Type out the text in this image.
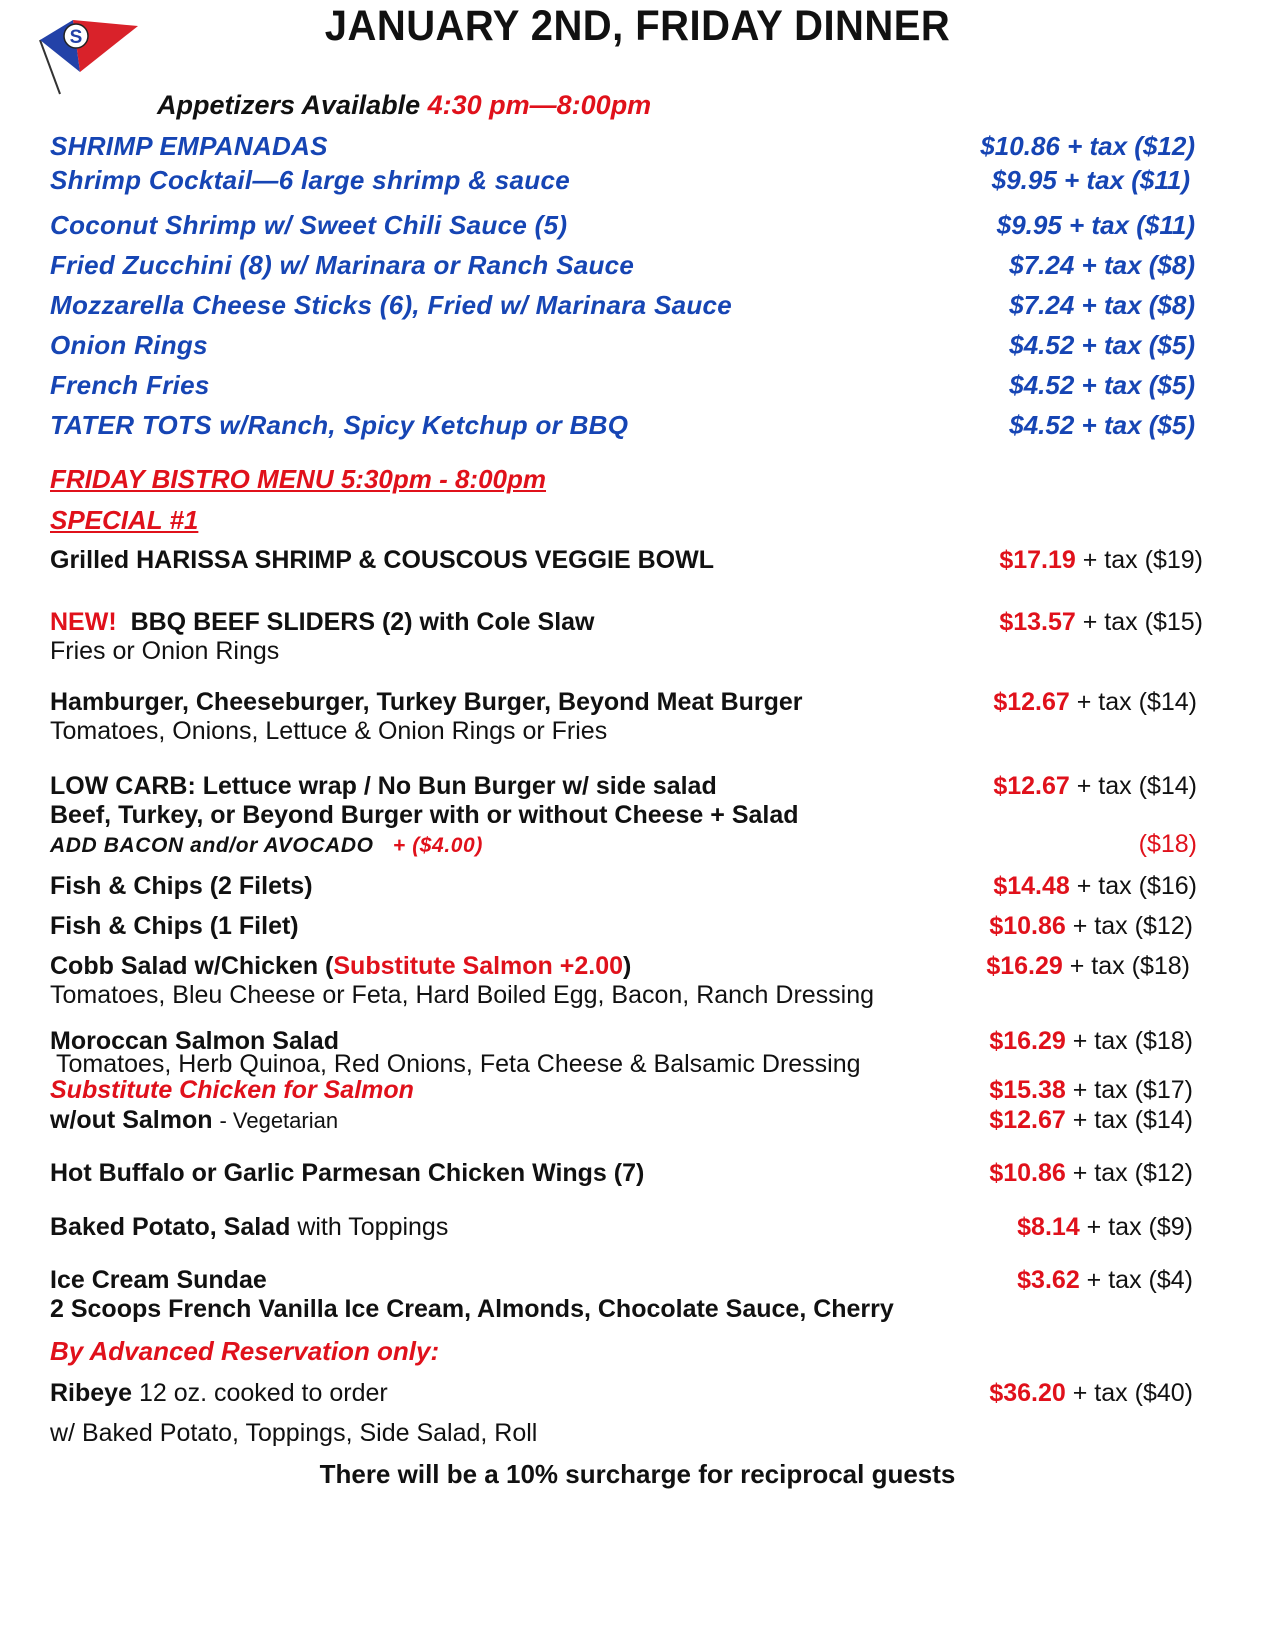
S	JANUARY 2ND, FRIDAY DINNER
Appetizers Available 4:30 pm—8:00pm
SHRIMP EMPANADAS	$10.86 + tax ($12)
Shrimp Cocktail—6 large shrimp & sauce	$9.95 + tax ($11)
Coconut Shrimp w/ Sweet Chili Sauce (5)	$9.95 + tax ($11)
Fried Zucchini (8) w/ Marinara or Ranch Sauce	$7.24 + tax ($8)
Mozzarella Cheese Sticks (6), Fried w/ Marinara Sauce	$7.24 + tax ($8)
Onion Rings	$4.52 + tax ($5)
French Fries	$4.52 + tax ($5)
TATER TOTS w/Ranch, Spicy Ketchup or BBQ	$4.52 + tax ($5)
FRIDAY BISTRO MENU 5:30pm - 8:00pm
SPECIAL #1
Grilled HARISSA SHRIMP & COUSCOUS VEGGIE BOWL	$17.19 + tax ($19)
NEW! BBQ BEEF SLIDERS (2) with Cole Slaw	$13.57 + tax ($15)
Fries or Onion Rings
Hamburger, Cheeseburger, Turkey Burger, Beyond Meat Burger	$12.67 + tax ($14)
Tomatoes, Onions, Lettuce & Onion Rings or Fries
LOW CARB: Lettuce wrap / No Bun Burger w/ side salad	$12.67 + tax ($14)
Beef, Turkey, or Beyond Burger with or without Cheese + Salad
ADD BACON and/or AVOCADO + ($4.00)	($18)
Fish & Chips (2 Filets)	$14.48 + tax ($16)
Fish & Chips (1 Filet)	$10.86 + tax ($12)
Cobb Salad w/Chicken (Substitute Salmon +2.00)	$16.29 + tax ($18)
Tomatoes, Bleu Cheese or Feta, Hard Boiled Egg, Bacon, Ranch Dressing
Moroccan Salmon Salad	$16.29 + tax ($18)
Tomatoes, Herb Quinoa, Red Onions, Feta Cheese & Balsamic Dressing
Substitute Chicken for Salmon	$15.38 + tax ($17)
w/out Salmon - Vegetarian	$12.67 + tax ($14)
Hot Buffalo or Garlic Parmesan Chicken Wings (7)	$10.86 + tax ($12)
Baked Potato, Salad with Toppings	$8.14 + tax ($9)
Ice Cream Sundae	$3.62 + tax ($4)
2 Scoops French Vanilla Ice Cream, Almonds, Chocolate Sauce, Cherry
By Advanced Reservation only:
Ribeye 12 oz. cooked to order	$36.20 + tax ($40)
w/ Baked Potato, Toppings, Side Salad, Roll
There will be a 10% surcharge for reciprocal guests
